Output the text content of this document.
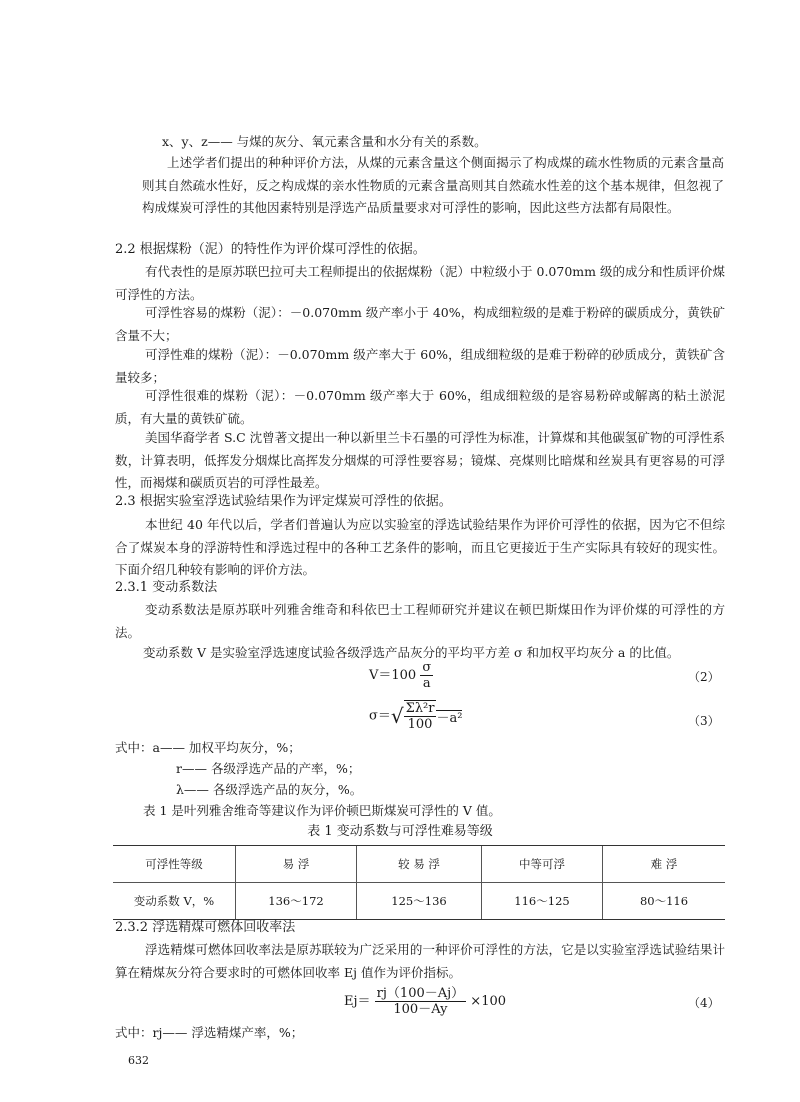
x、y、z—— 与煤的灰分、氧元素含量和水分有关的系数。
上述学者们提出的种种评价方法，从煤的元素含量这个侧面揭示了构成煤的疏水性物质的元素含量高则其自然疏水性好，反之构成煤的亲水性物质的元素含量高则其自然疏水性差的这个基本规律，但忽视了构成煤炭可浮性的其他因素特别是浮选产品质量要求对可浮性的影响，因此这些方法都有局限性。
2.2 根据煤粉（泥）的特性作为评价煤可浮性的依据。
有代表性的是原苏联巴拉可夫工程师提出的依据煤粉（泥）中粒级小于 0.070mm 级的成分和性质评价煤可浮性的方法。
可浮性容易的煤粉（泥）：－0.070mm 级产率小于 40%，构成细粒级的是难于粉碎的碳质成分，黄铁矿含量不大；
可浮性难的煤粉（泥）：－0.070mm 级产率大于 60%，组成细粒级的是难于粉碎的砂质成分，黄铁矿含量较多；
可浮性很难的煤粉（泥）：－0.070mm 级产率大于 60%，组成细粒级的是容易粉碎或解离的粘土淤泥质，有大量的黄铁矿硫。
美国华裔学者 S.C 沈曾著文提出一种以新里兰卡石墨的可浮性为标准，计算煤和其他碳氢矿物的可浮性系数，计算表明，低挥发分烟煤比高挥发分烟煤的可浮性要容易；镜煤、亮煤则比暗煤和丝炭具有更容易的可浮性，而褐煤和碳质页岩的可浮性最差。
2.3 根据实验室浮选试验结果作为评定煤炭可浮性的依据。
本世纪 40 年代以后，学者们普遍认为应以实验室的浮选试验结果作为评价可浮性的依据，因为它不但综合了煤炭本身的浮游特性和浮选过程中的各种工艺条件的影响，而且它更接近于生产实际具有较好的现实性。下面介绍几种较有影响的评价方法。
2.3.1 变动系数法
变动系数法是原苏联叶列雅舍维奇和科依巴士工程师研究并建议在顿巴斯煤田作为评价煤的可浮性的方法。
变动系数 V 是实验室浮选速度试验各级浮选产品灰分的平均平方差 σ 和加权平均灰分 a 的比值。
$V=100 \frac{\sigma}{a}$	（2）
$\sigma=√ \frac{\text{Σλ²r}}{100} -a^2$	（3）
式中：a—— 加权平均灰分，%；
r—— 各级浮选产品的产率，%；
λ—— 各级浮选产品的灰分，%。
表 1 是叶列雅舍维奇等建议作为评价顿巴斯煤炭可浮性的 V 值。
表 1 变动系数与可浮性难易等级
可浮性等级	易 浮	较 易 浮	中等可浮	难 浮
变动系数 V，%	136～172	125～136	116～125	80～116
2.3.2 浮选精煤可燃体回收率法
浮选精煤可燃体回收率法是原苏联较为广泛采用的一种评价可浮性的方法，它是以实验室浮选试验结果计算在精煤灰分符合要求时的可燃体回收率 Ej 值作为评价指标。
$Ej= \frac{rj(100-Aj)}{100-Ay} \times 100$	（4）
式中：rj—— 浮选精煤产率，%；
632
